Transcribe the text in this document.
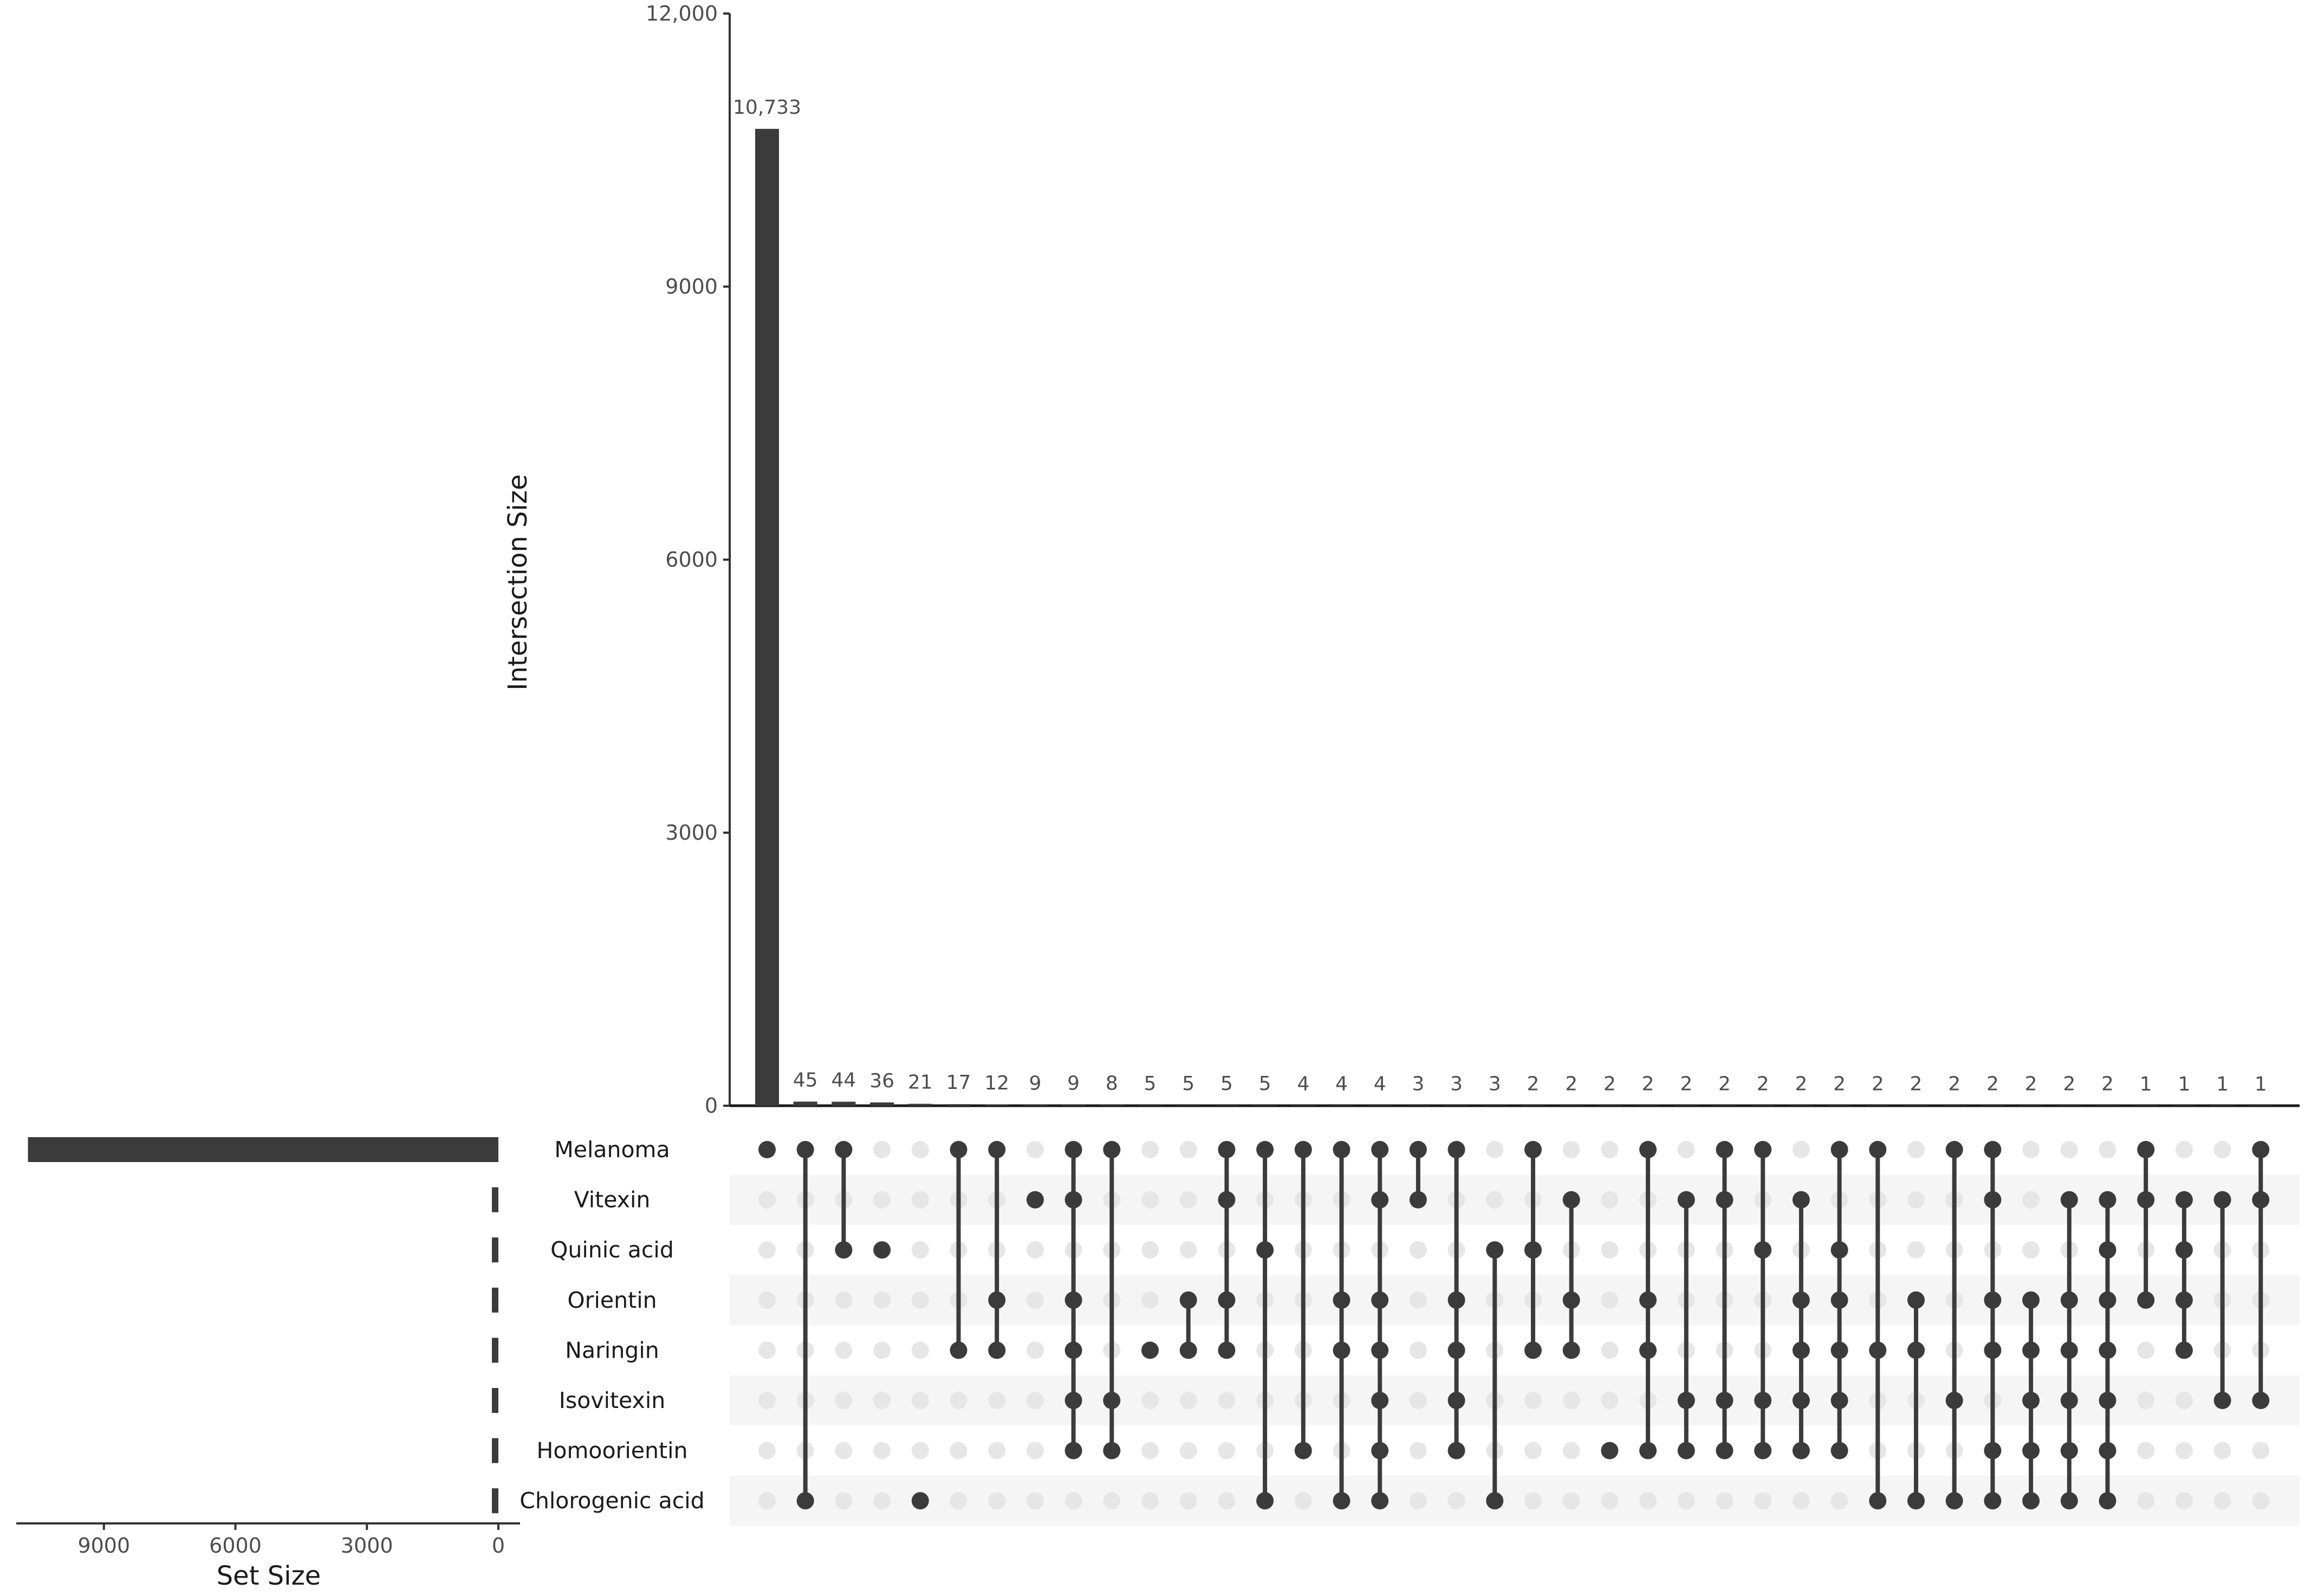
0
3000
6000
9000
12,000
10,733
45 44 36 21 17 12 9 9 8 5 5 5 5 4 4 4 3 3 3 2 2 2 2 2 2 2 2 2 2 2 2 2 2 2 2 1 1 1 1
Melanoma
Vitexin
Quinic acid
Orientin
Naringin
Isovitexin
Homoorientin
Chlorogenic acid
9000	6000	3000	0
Intersection Size
Set Size
